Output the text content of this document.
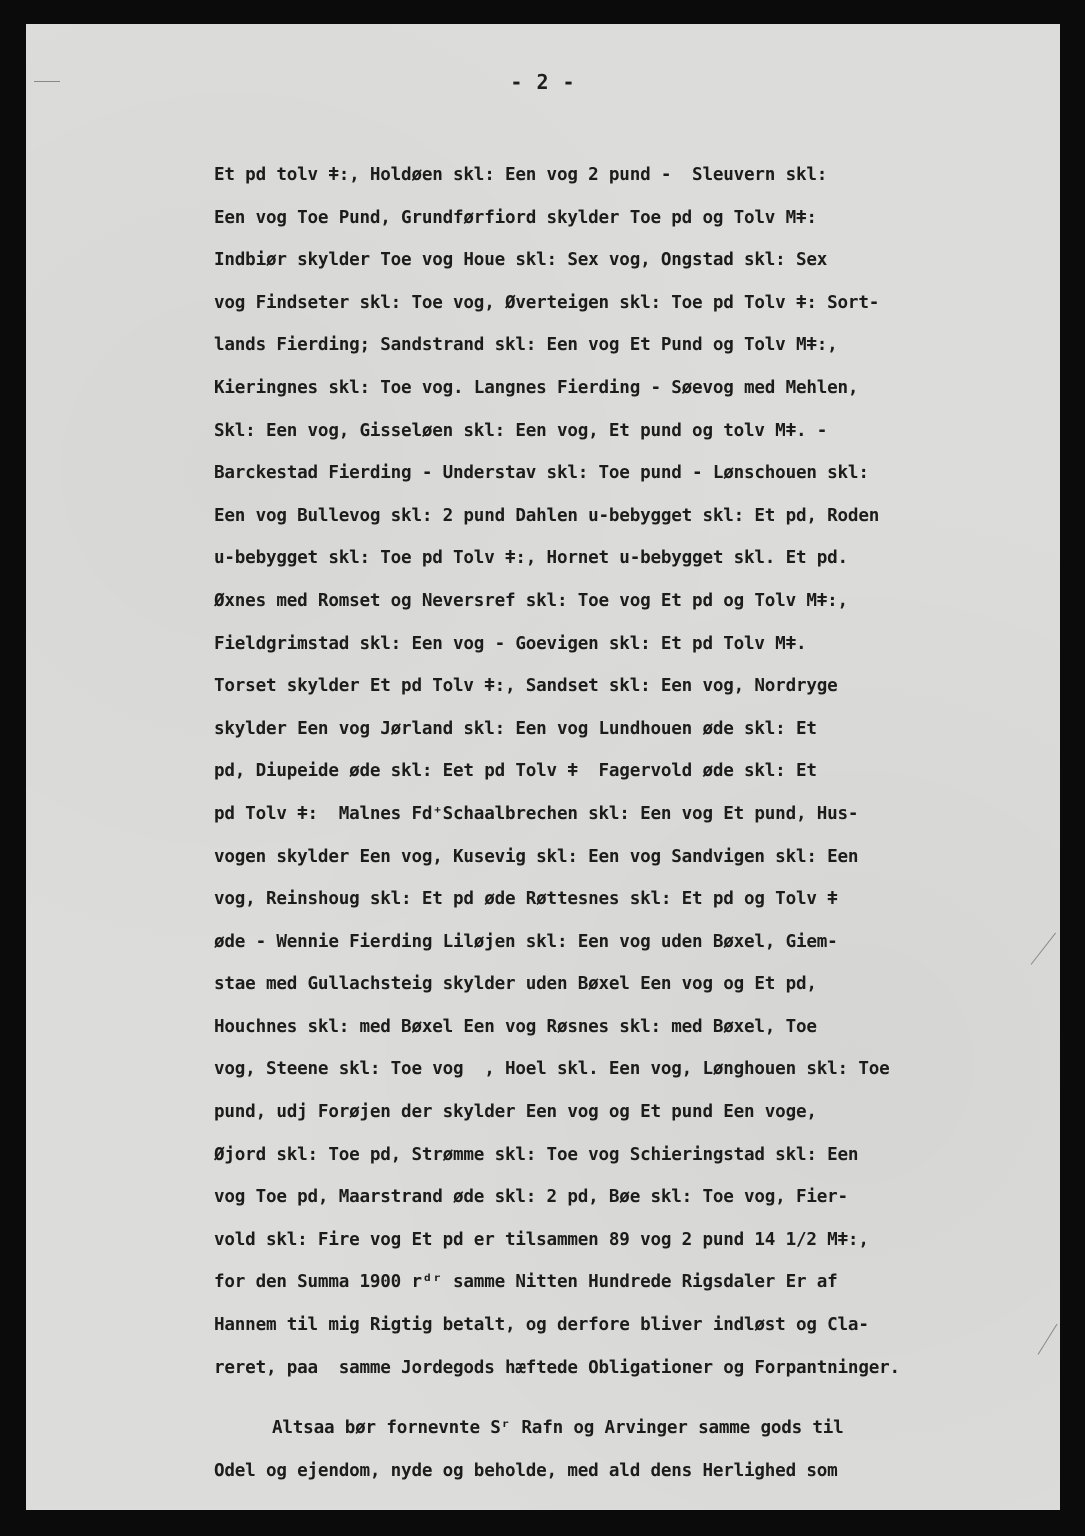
- 2 -
Et pd tolv ǂ:, Holdøen skl: Een vog 2 pund -  Sleuvern skl:
Een vog Toe Pund, Grundførfiord skylder Toe pd og Tolv Mǂ:
Indbiør skylder Toe vog Houe skl: Sex vog, Ongstad skl: Sex
vog Findseter skl: Toe vog, Øverteigen skl: Toe pd Tolv ǂ: Sort-
lands Fierding; Sandstrand skl: Een vog Et Pund og Tolv Mǂ:,
Kieringnes skl: Toe vog. Langnes Fierding - Søevog med Mehlen,
Skl: Een vog, Gisseløen skl: Een vog, Et pund og tolv Mǂ. -
Barckestad Fierding - Understav skl: Toe pund - Lønschouen skl:
Een vog Bullevog skl: 2 pund Dahlen u-bebygget skl: Et pd, Roden
u-bebygget skl: Toe pd Tolv ǂ:, Hornet u-bebygget skl. Et pd.
Øxnes med Romset og Neversref skl: Toe vog Et pd og Tolv Mǂ:,
Fieldgrimstad skl: Een vog - Goevigen skl: Et pd Tolv Mǂ.
Torset skylder Et pd Tolv ǂ:, Sandset skl: Een vog, Nordryge
skylder Een vog Jørland skl: Een vog Lundhouen øde skl: Et
pd, Diupeide øde skl: Eet pd Tolv ǂ  Fagervold øde skl: Et
pd Tolv ǂ:  Malnes Fd⁺Schaalbrechen skl: Een vog Et pund, Hus-
vogen skylder Een vog, Kusevig skl: Een vog Sandvigen skl: Een
vog, Reinshoug skl: Et pd øde Røttesnes skl: Et pd og Tolv ǂ
øde - Wennie Fierding Liløjen skl: Een vog uden Bøxel, Giem-
stae med Gullachsteig skylder uden Bøxel Een vog og Et pd,
Houchnes skl: med Bøxel Een vog Røsnes skl: med Bøxel, Toe
vog, Steene skl: Toe vog  , Hoel skl. Een vog, Lønghouen skl: Toe
pund, udj Forøjen der skylder Een vog og Et pund Een voge,
Øjord skl: Toe pd, Strømme skl: Toe vog Schieringstad skl: Een
vog Toe pd, Maarstrand øde skl: 2 pd, Bøe skl: Toe vog, Fier-
vold skl: Fire vog Et pd er tilsammen 89 vog 2 pund 14 1/2 Mǂ:,
for den Summa 1900 rᵈʳ samme Nitten Hundrede Rigsdaler Er af
Hannem til mig Rigtig betalt, og derfore bliver indløst og Cla-
reret, paa  samme Jordegods hæftede Obligationer og Forpantninger.
Altsaa bør fornevnte Sʳ Rafn og Arvinger samme gods til
Odel og ejendom, nyde og beholde, med ald dens Herlighed som
